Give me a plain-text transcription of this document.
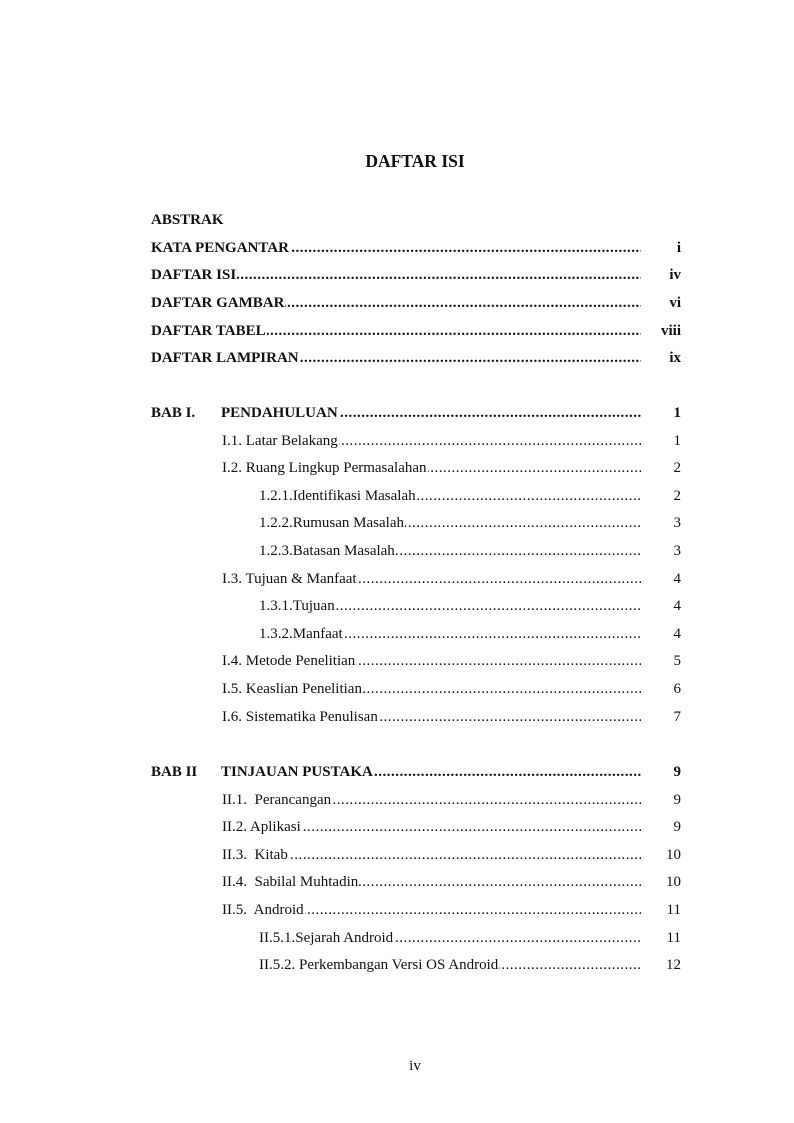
DAFTAR ISI
ABSTRAK
.....
KATA PENGANTAR	i
.....
DAFTAR ISI	iv
.....
DAFTAR GAMBAR	vi
.....
DAFTAR TABEL	viii
.....
DAFTAR LAMPIRAN	ix
BAB I. ..... PENDAHULUAN	1
.....
I.1. Latar Belakang	1
.....
I.2. Ruang Lingkup Permasalahan	2
.....
1.2.1.Identifikasi Masalah	2
.....
1.2.2.Rumusan Masalah	3
.....
1.2.3.Batasan Masalah	3
.....
I.3. Tujuan & Manfaat	4
.....
1.3.1.Tujuan	4
.....
1.3.2.Manfaat	4
.....
I.4. Metode Penelitian	5
.....
I.5. Keaslian Penelitian	6
.....
I.6. Sistematika Penulisan	7
BAB II ..... TINJAUAN PUSTAKA	9
.....
II.1.  Perancangan	9
.....
II.2. Aplikasi	9
.....
II.3.  Kitab	10
.....
II.4.  Sabilal Muhtadin	10
.....
II.5.  Android	11
.....
II.5.1.Sejarah Android	11
.....
II.5.2. Perkembangan Versi OS Android	12
iv
